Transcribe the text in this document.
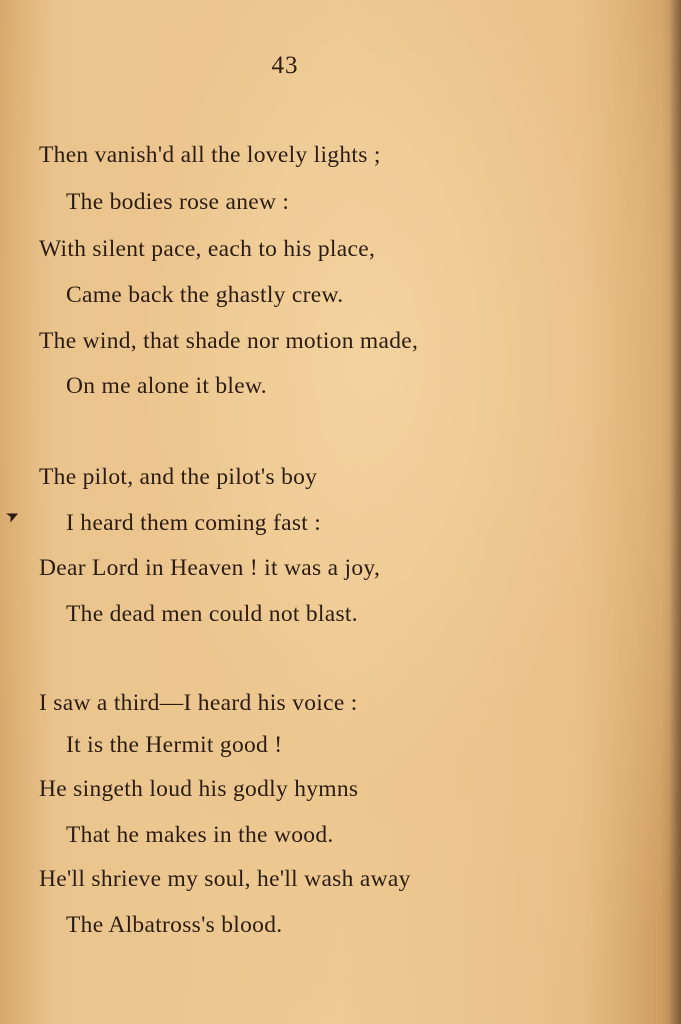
43
Then vanish'd all the lovely lights ;
The bodies rose anew :
With silent pace, each to his place,
Came back the ghastly crew.
The wind, that shade nor motion made,
On me alone it blew.
The pilot, and the pilot's boy
I heard them coming fast :
Dear Lord in Heaven ! it was a joy,
The dead men could not blast.
I saw a third—I heard his voice :
It is the Hermit good !
He singeth loud his godly hymns
That he makes in the wood.
He'll shrieve my soul, he'll wash away
The Albatross's blood.
➤
